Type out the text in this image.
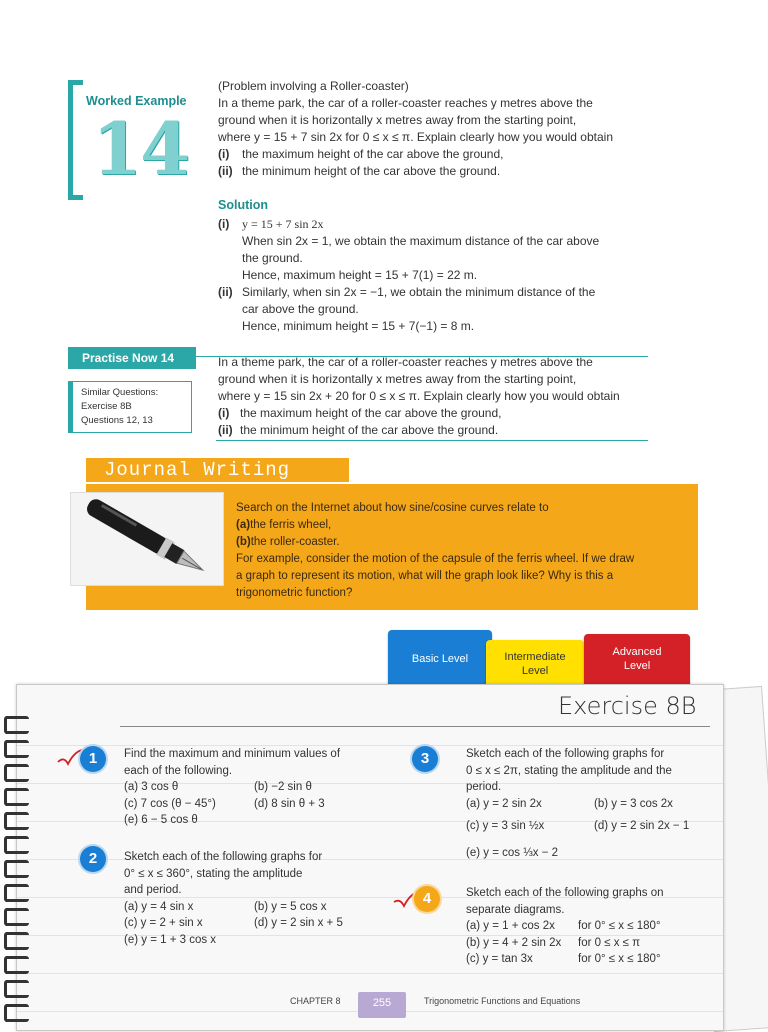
Worked Example
14

(Problem involving a Roller-coaster)

In a theme park, the car of a roller-coaster reaches y metres above the

ground when it is horizontally x metres away from the starting point,

where y = 15 + 7 sin 2x for 0 ≤ x ≤ π. Explain clearly how you would obtain

(i) the maximum height of the car above the ground,

(ii) the minimum height of the car above the ground.

Solution

(i) y = 15 + 7 sin 2x

When sin 2x = 1, we obtain the maximum distance of the car above

the ground.

Hence, maximum height = 15 + 7(1) = 22 m.

(ii) Similarly, when sin 2x = −1, we obtain the minimum distance of the

car above the ground.

Hence, minimum height = 15 + 7(−1) = 8 m.

Practise Now 14

Similar Questions:

Exercise 8B

Questions 12, 13

In a theme park, the car of a roller-coaster reaches y metres above the

ground when it is horizontally x metres away from the starting point,

where y = 15 sin 2x + 20 for 0 ≤ x ≤ π. Explain clearly how you would obtain

(i) the maximum height of the car above the ground,

(ii) the minimum height of the car above the ground.

Journal Writing

Search on the Internet about how sine/cosine curves relate to

(a)the ferris wheel,

(b)the roller-coaster.

For example, consider the motion of the capsule of the ferris wheel. If we draw

a graph to represent its motion, what will the graph look like? Why is this a

trigonometric function?

Basic Level	Intermediate
Level
Advanced
Level
Exercise 8B
1	Find the maximum and minimum values of

each of the following.

(a) 3 cos θ	(b) −2 sin θ

(c) 7 cos (θ − 45°)	(d) 8 sin θ + 3

(e) 6 − 5 cos θ

2	Sketch each of the following graphs for

0° ≤ x ≤ 360°, stating the amplitude

and period.

(a) y = 4 sin x	(b) y = 5 cos x

(c) y = 2 + sin x	(d) y = 2 sin x + 5

(e) y = 1 + 3 cos x

3	Sketch each of the following graphs for

0 ≤ x ≤ 2π, stating the amplitude and the

period.

(a) y = 2 sin 2x	(b) y = 3 cos 2x

(c) y = 3 sin ½x	(d) y = 2 sin 2x − 1

(e) y = cos ⅓x − 2

4	Sketch each of the following graphs on

separate diagrams.

(a) y = 1 + cos 2x for 0° ≤ x ≤ 180°

(b) y = 4 + 2 sin 2x for 0 ≤ x ≤ π

(c) y = tan 3x	for 0° ≤ x ≤ 180°

CHAPTER 8	255	Trigonometric Functions and Equations
